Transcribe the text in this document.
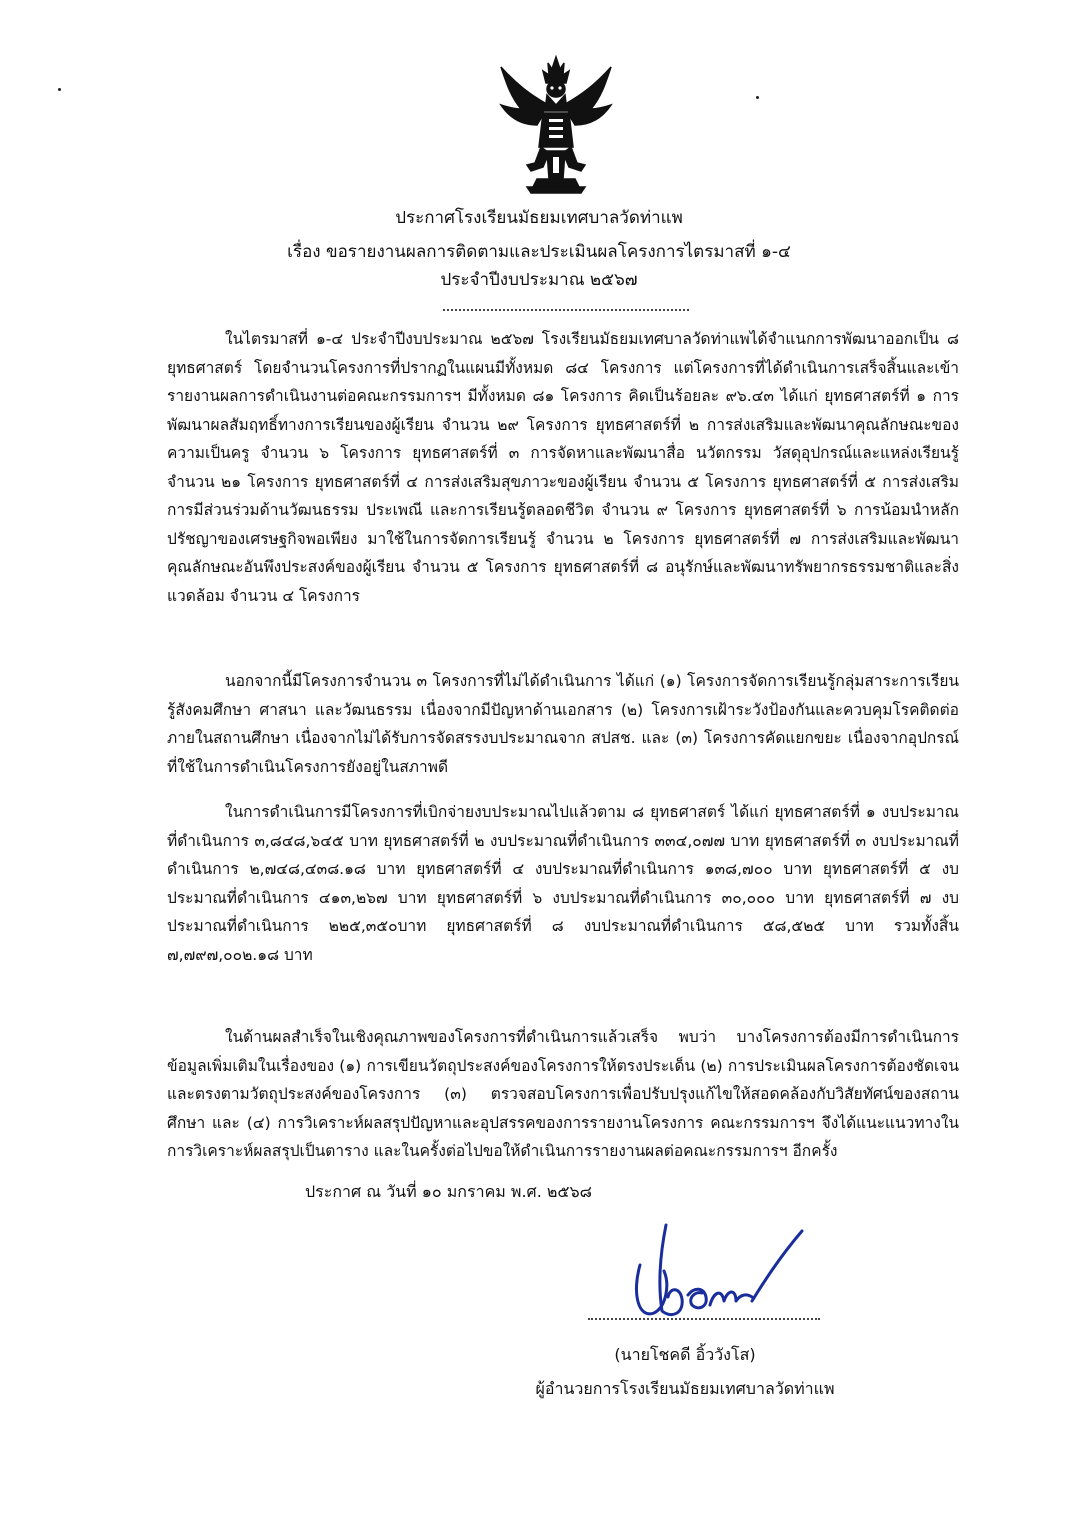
ประกาศโรงเรียนมัธยมเทศบาลวัดท่าแพ
เรื่อง ขอรายงานผลการติดตามและประเมินผลโครงการไตรมาสที่ ๑-๔
ประจำปีงบประมาณ ๒๕๖๗

ในไตรมาสที่ ๑-๔ ประจำปีงบประมาณ ๒๕๖๗ โรงเรียนมัธยมเทศบาลวัดท่าแพได้จำแนกการพัฒนาออกเป็น ๘ ยุทธศาสตร์ โดยจำนวนโครงการที่ปรากฏในแผนมีทั้งหมด ๘๔ โครงการ แต่โครงการที่ได้ดำเนินการเสร็จสิ้นและเข้ารายงานผลการดำเนินงานต่อคณะกรรมการฯ มีทั้งหมด ๘๑ โครงการ คิดเป็นร้อยละ ๙๖.๔๓ ได้แก่ ยุทธศาสตร์ที่ ๑ การพัฒนาผลสัมฤทธิ์ทางการเรียนของผู้เรียน จำนวน ๒๙ โครงการ ยุทธศาสตร์ที่ ๒ การส่งเสริมและพัฒนาคุณลักษณะของความเป็นครู จำนวน ๖ โครงการ ยุทธศาสตร์ที่ ๓ การจัดหาและพัฒนาสื่อ นวัตกรรม วัสดุอุปกรณ์และแหล่งเรียนรู้ จำนวน ๒๑ โครงการ ยุทธศาสตร์ที่ ๔ การส่งเสริมสุขภาวะของผู้เรียน จำนวน ๕ โครงการ ยุทธศาสตร์ที่ ๕ การส่งเสริมการมีส่วนร่วมด้านวัฒนธรรม ประเพณี และการเรียนรู้ตลอดชีวิต จำนวน ๙ โครงการ ยุทธศาสตร์ที่ ๖ การน้อมนำหลักปรัชญาของเศรษฐกิจพอเพียง มาใช้ในการจัดการเรียนรู้ จำนวน ๒ โครงการ ยุทธศาสตร์ที่ ๗ การส่งเสริมและพัฒนาคุณลักษณะอันพึงประสงค์ของผู้เรียน จำนวน ๕ โครงการ ยุทธศาสตร์ที่ ๘ อนุรักษ์และพัฒนาทรัพยากรธรรมชาติและสิ่งแวดล้อม จำนวน ๔ โครงการ

นอกจากนี้มีโครงการจำนวน ๓ โครงการที่ไม่ได้ดำเนินการ ได้แก่ (๑) โครงการจัดการเรียนรู้กลุ่มสาระการเรียนรู้สังคมศึกษา ศาสนา และวัฒนธรรม เนื่องจากมีปัญหาด้านเอกสาร (๒) โครงการเฝ้าระวังป้องกันและควบคุมโรคติดต่อภายในสถานศึกษา เนื่องจากไม่ได้รับการจัดสรรงบประมาณจาก สปสช. และ (๓) โครงการคัดแยกขยะ เนื่องจากอุปกรณ์ที่ใช้ในการดำเนินโครงการยังอยู่ในสภาพดี

ในการดำเนินการมีโครงการที่เบิกจ่ายงบประมาณไปแล้วตาม ๘ ยุทธศาสตร์ ได้แก่ ยุทธศาสตร์ที่ ๑ งบประมาณที่ดำเนินการ ๓,๘๔๘,๖๔๕ บาท ยุทธศาสตร์ที่ ๒ งบประมาณที่ดำเนินการ ๓๓๔,๐๗๗ บาท ยุทธศาสตร์ที่ ๓ งบประมาณที่ดำเนินการ ๒,๗๔๘,๔๓๘.๑๘ บาท ยุทธศาสตร์ที่ ๔ งบประมาณที่ดำเนินการ ๑๓๘,๗๐๐ บาท ยุทธศาสตร์ที่ ๕ งบประมาณที่ดำเนินการ ๔๑๓,๒๖๗ บาท ยุทธศาสตร์ที่ ๖ งบประมาณที่ดำเนินการ ๓๐,๐๐๐ บาท ยุทธศาสตร์ที่ ๗ งบประมาณที่ดำเนินการ ๒๒๕,๓๕๐บาท ยุทธศาสตร์ที่ ๘ งบประมาณที่ดำเนินการ ๕๘,๕๒๕ บาท รวมทั้งสิ้น ๗,๗๙๗,๐๐๒.๑๘ บาท

ในด้านผลสำเร็จในเชิงคุณภาพของโครงการที่ดำเนินการแล้วเสร็จ พบว่า บางโครงการต้องมีการดำเนินการข้อมูลเพิ่มเติมในเรื่องของ (๑) การเขียนวัตถุประสงค์ของโครงการให้ตรงประเด็น (๒) การประเมินผลโครงการต้องชัดเจนและตรงตามวัตถุประสงค์ของโครงการ (๓) ตรวจสอบโครงการเพื่อปรับปรุงแก้ไขให้สอดคล้องกับวิสัยทัศน์ของสถานศึกษา และ (๔) การวิเคราะห์ผลสรุปปัญหาและอุปสรรคของการรายงานโครงการ คณะกรรมการฯ จึงได้แนะแนวทางในการวิเคราะห์ผลสรุปเป็นตาราง และในครั้งต่อไปขอให้ดำเนินการรายงานผลต่อคณะกรรมการฯ อีกครั้ง

ประกาศ ณ วันที่ ๑๐ มกราคม พ.ศ. ๒๕๖๘

(นายโชคดี อิ้ววังโส)

ผู้อำนวยการโรงเรียนมัธยมเทศบาลวัดท่าแพ
